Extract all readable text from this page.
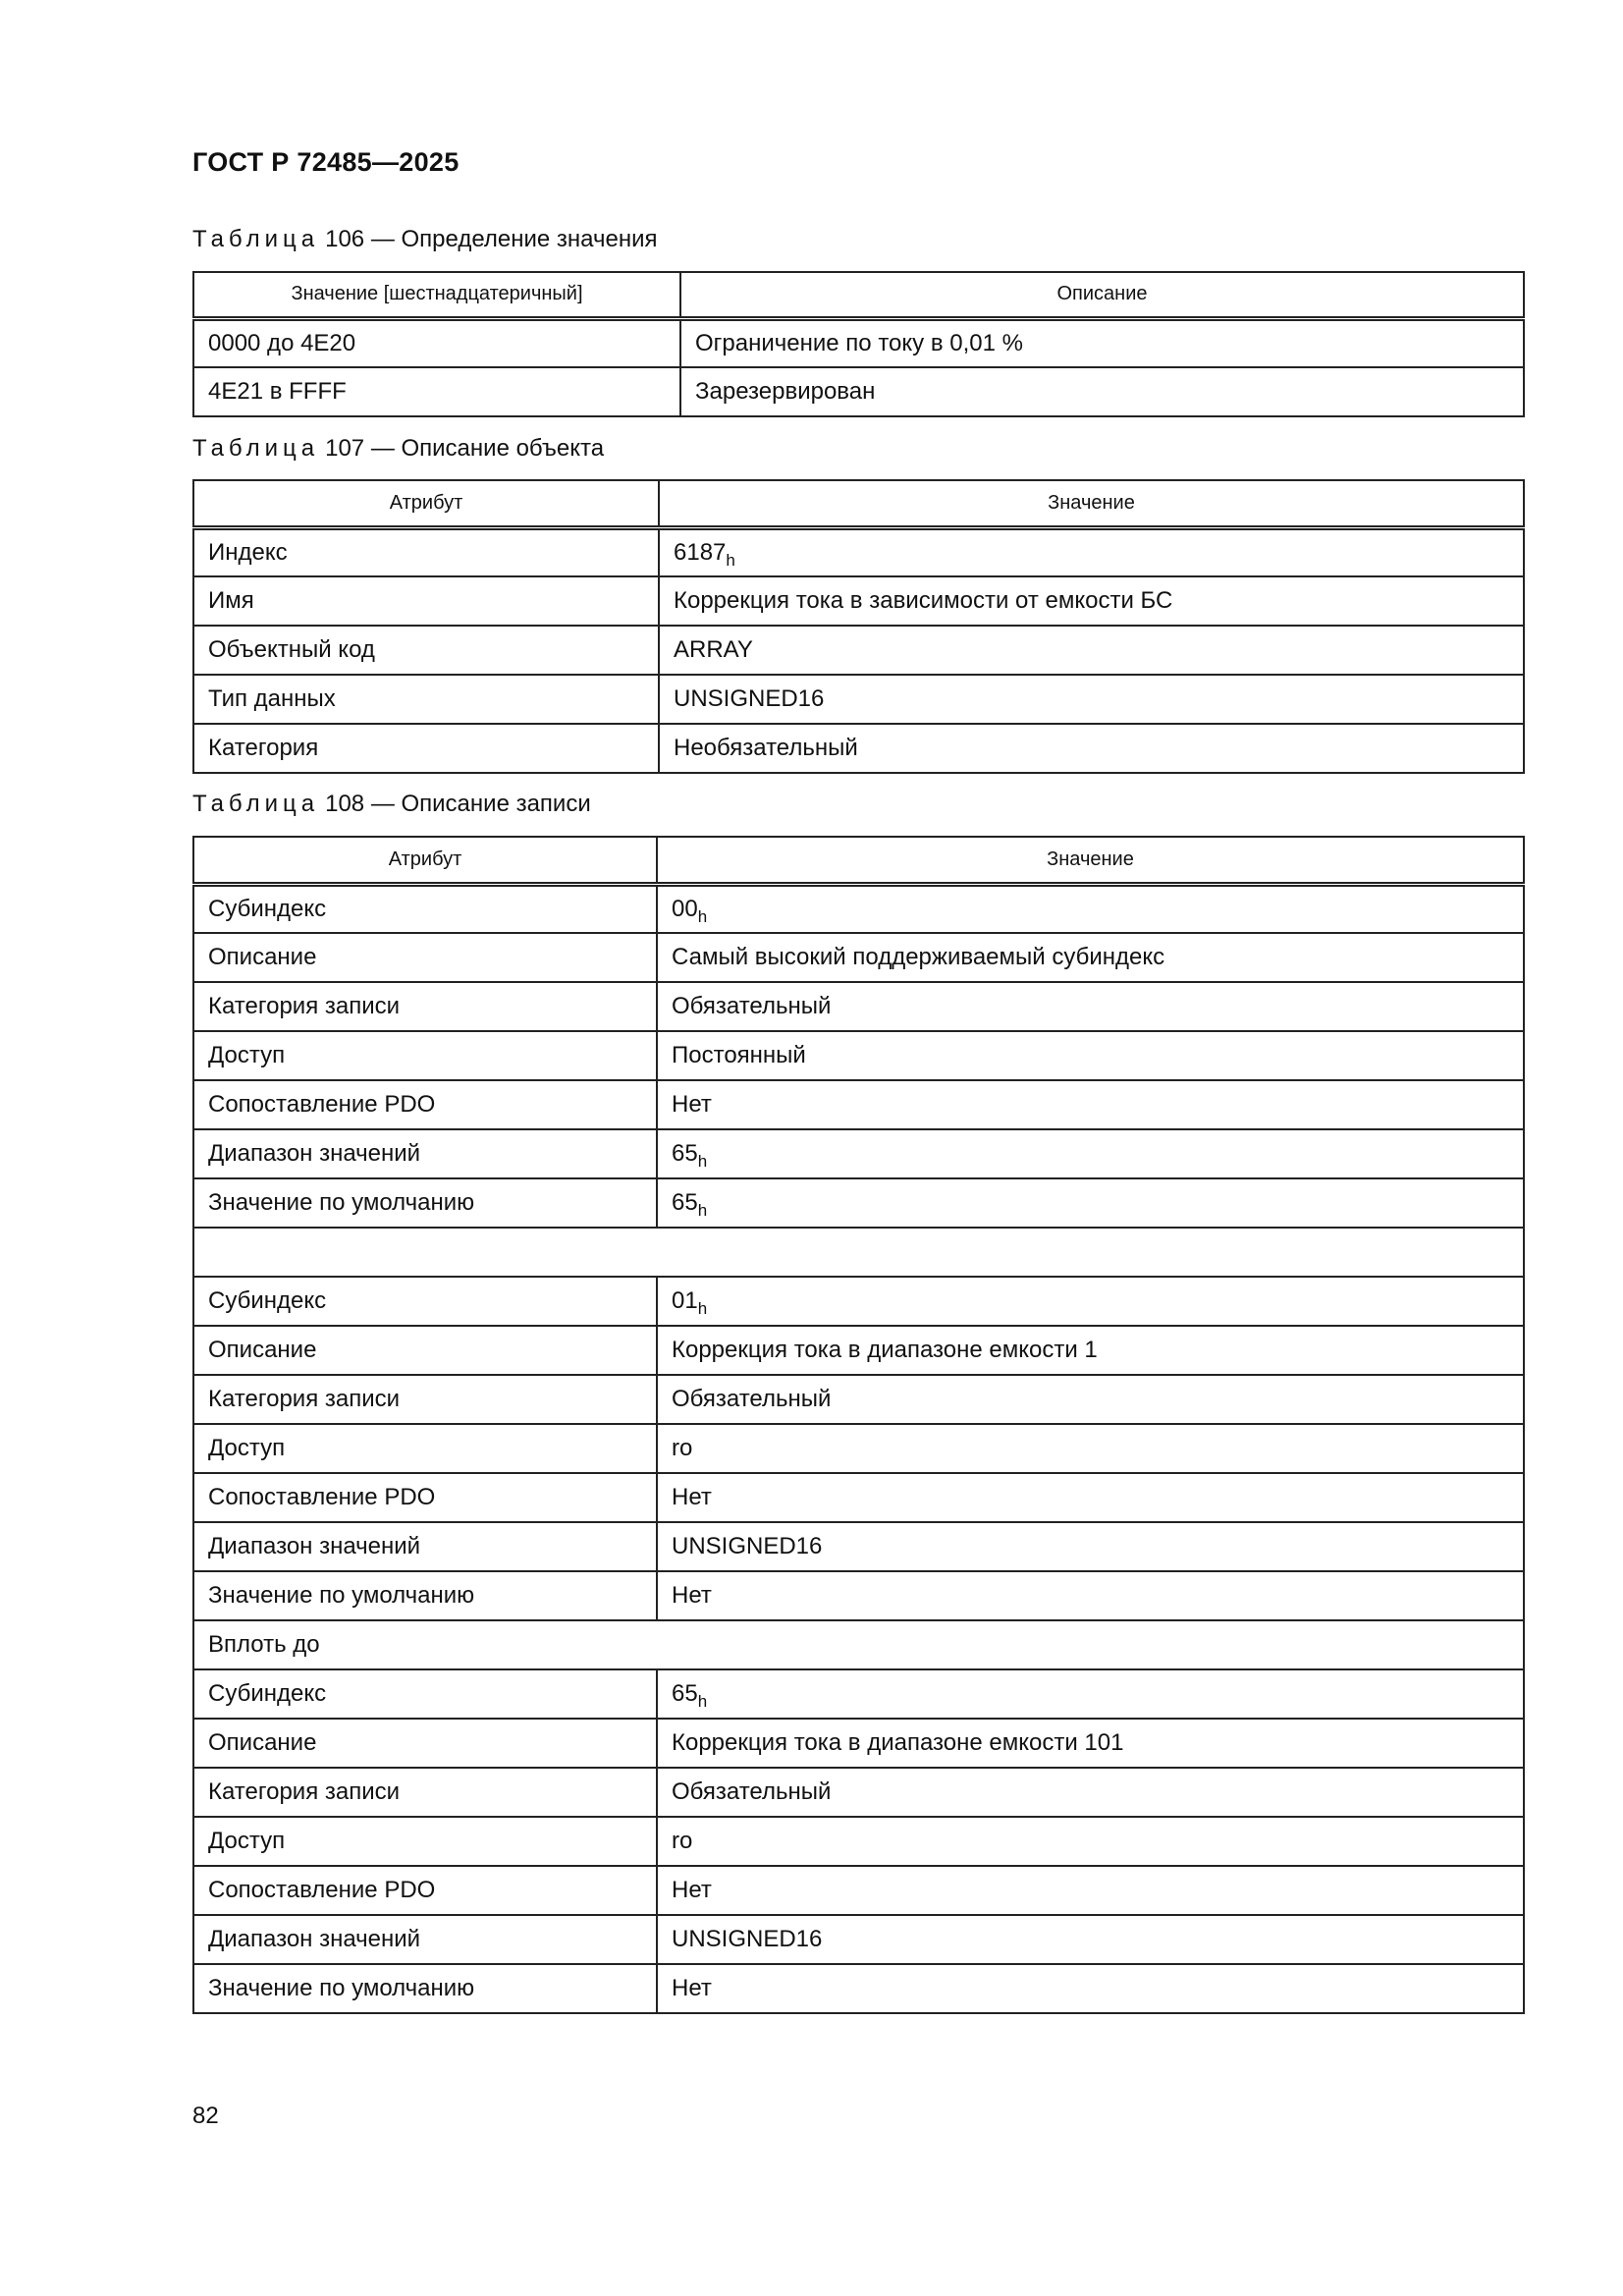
ГОСТ Р 72485—2025
Таблица 106 — Определение значения
Значение [шестнадцатеричный]	Описание
0000 до 4E20	Ограничение по току в 0,01 %
4E21 в FFFF	Зарезервирован
Таблица 107 — Описание объекта
Атрибут	Значение
Индекс	$6187_h$
Имя	Коррекция тока в зависимости от емкости БС
Объектный код	ARRAY
Тип данных	UNSIGNED16
Категория	Необязательный
Таблица 108 — Описание записи
Атрибут	Значение
Субиндекс	$00_h$
Описание	Самый высокий поддерживаемый субиндекс
Категория записи	Обязательный
Доступ	Постоянный
Сопоставление PDO	Нет
Диапазон значений	$65_h$
Значение по умолчанию	$65_h$

Субиндекс	$01_h$
Описание	Коррекция тока в диапазоне емкости 1
Категория записи	Обязательный
Доступ	ro
Сопоставление PDO	Нет
Диапазон значений	UNSIGNED16
Значение по умолчанию	Нет
Вплоть до	
Субиндекс	$65_h$
Описание	Коррекция тока в диапазоне емкости 101
Категория записи	Обязательный
Доступ	ro
Сопоставление PDO	Нет
Диапазон значений	UNSIGNED16
Значение по умолчанию	Нет
82
